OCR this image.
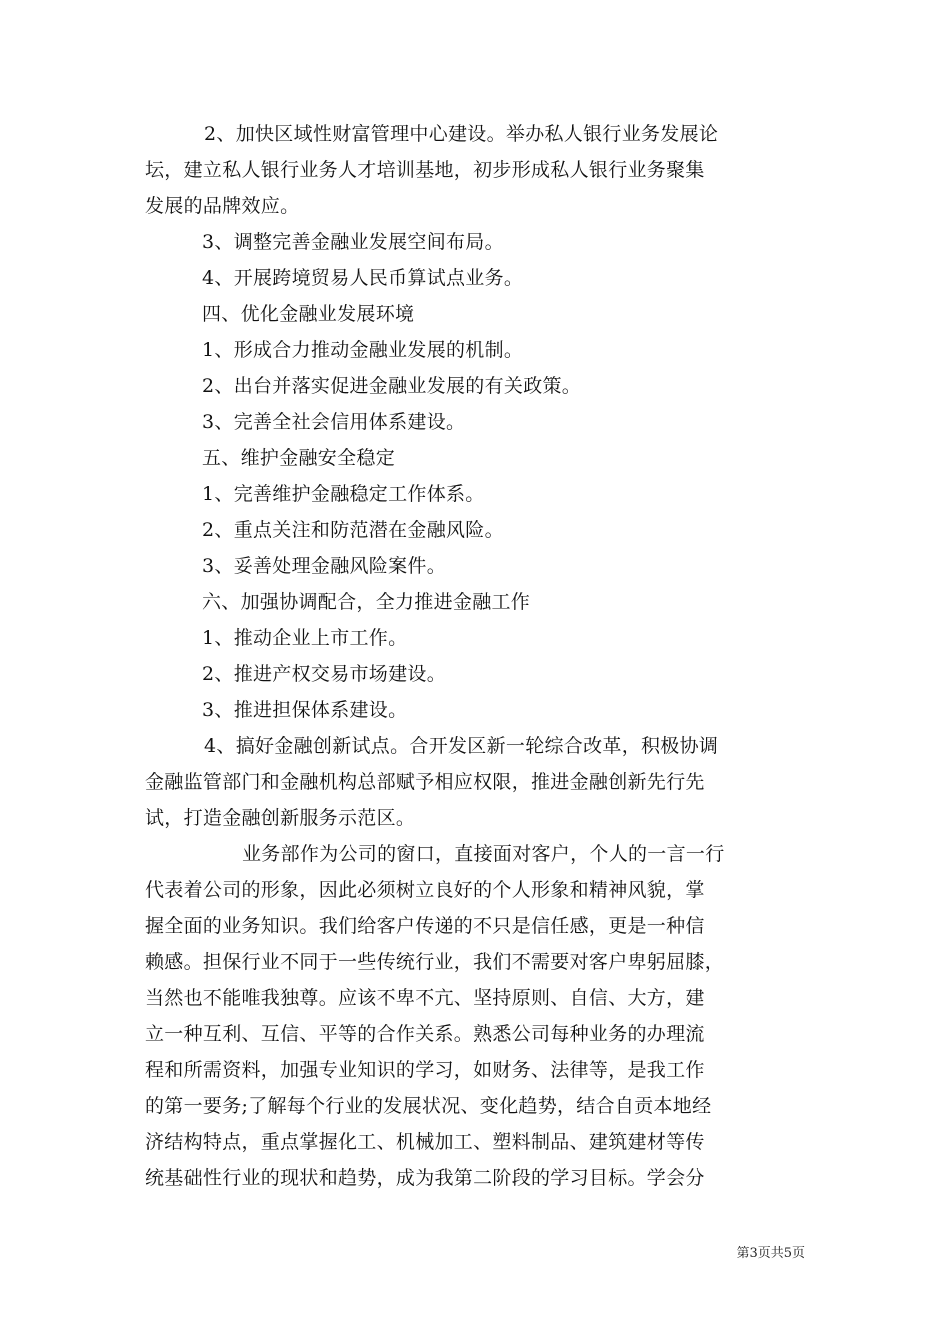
2、加快区域性财富管理中心建设。举办私人银行业务发展论
坛，建立私人银行业务人才培训基地，初步形成私人银行业务聚集
发展的品牌效应。
3、调整完善金融业发展空间布局。
4、开展跨境贸易人民币算试点业务。
四、优化金融业发展环境
1、形成合力推动金融业发展的机制。
2、出台并落实促进金融业发展的有关政策。
3、完善全社会信用体系建设。
五、维护金融安全稳定
1、完善维护金融稳定工作体系。
2、重点关注和防范潜在金融风险。
3、妥善处理金融风险案件。
六、加强协调配合，全力推进金融工作
1、推动企业上市工作。
2、推进产权交易市场建设。
3、推进担保体系建设。
4、搞好金融创新试点。合开发区新一轮综合改革，积极协调
金融监管部门和金融机构总部赋予相应权限，推进金融创新先行先
试，打造金融创新服务示范区。
业务部作为公司的窗口，直接面对客户，个人的一言一行
代表着公司的形象，因此必须树立良好的个人形象和精神风貌，掌
握全面的业务知识。我们给客户传递的不只是信任感，更是一种信
赖感。担保行业不同于一些传统行业，我们不需要对客户卑躬屈膝，
当然也不能唯我独尊。应该不卑不亢、坚持原则、自信、大方，建
立一种互利、互信、平等的合作关系。熟悉公司每种业务的办理流
程和所需资料，加强专业知识的学习，如财务、法律等，是我工作
的第一要务;了解每个行业的发展状况、变化趋势，结合自贡本地经
济结构特点，重点掌握化工、机械加工、塑料制品、建筑建材等传
统基础性行业的现状和趋势，成为我第二阶段的学习目标。学会分
第3页共5页
